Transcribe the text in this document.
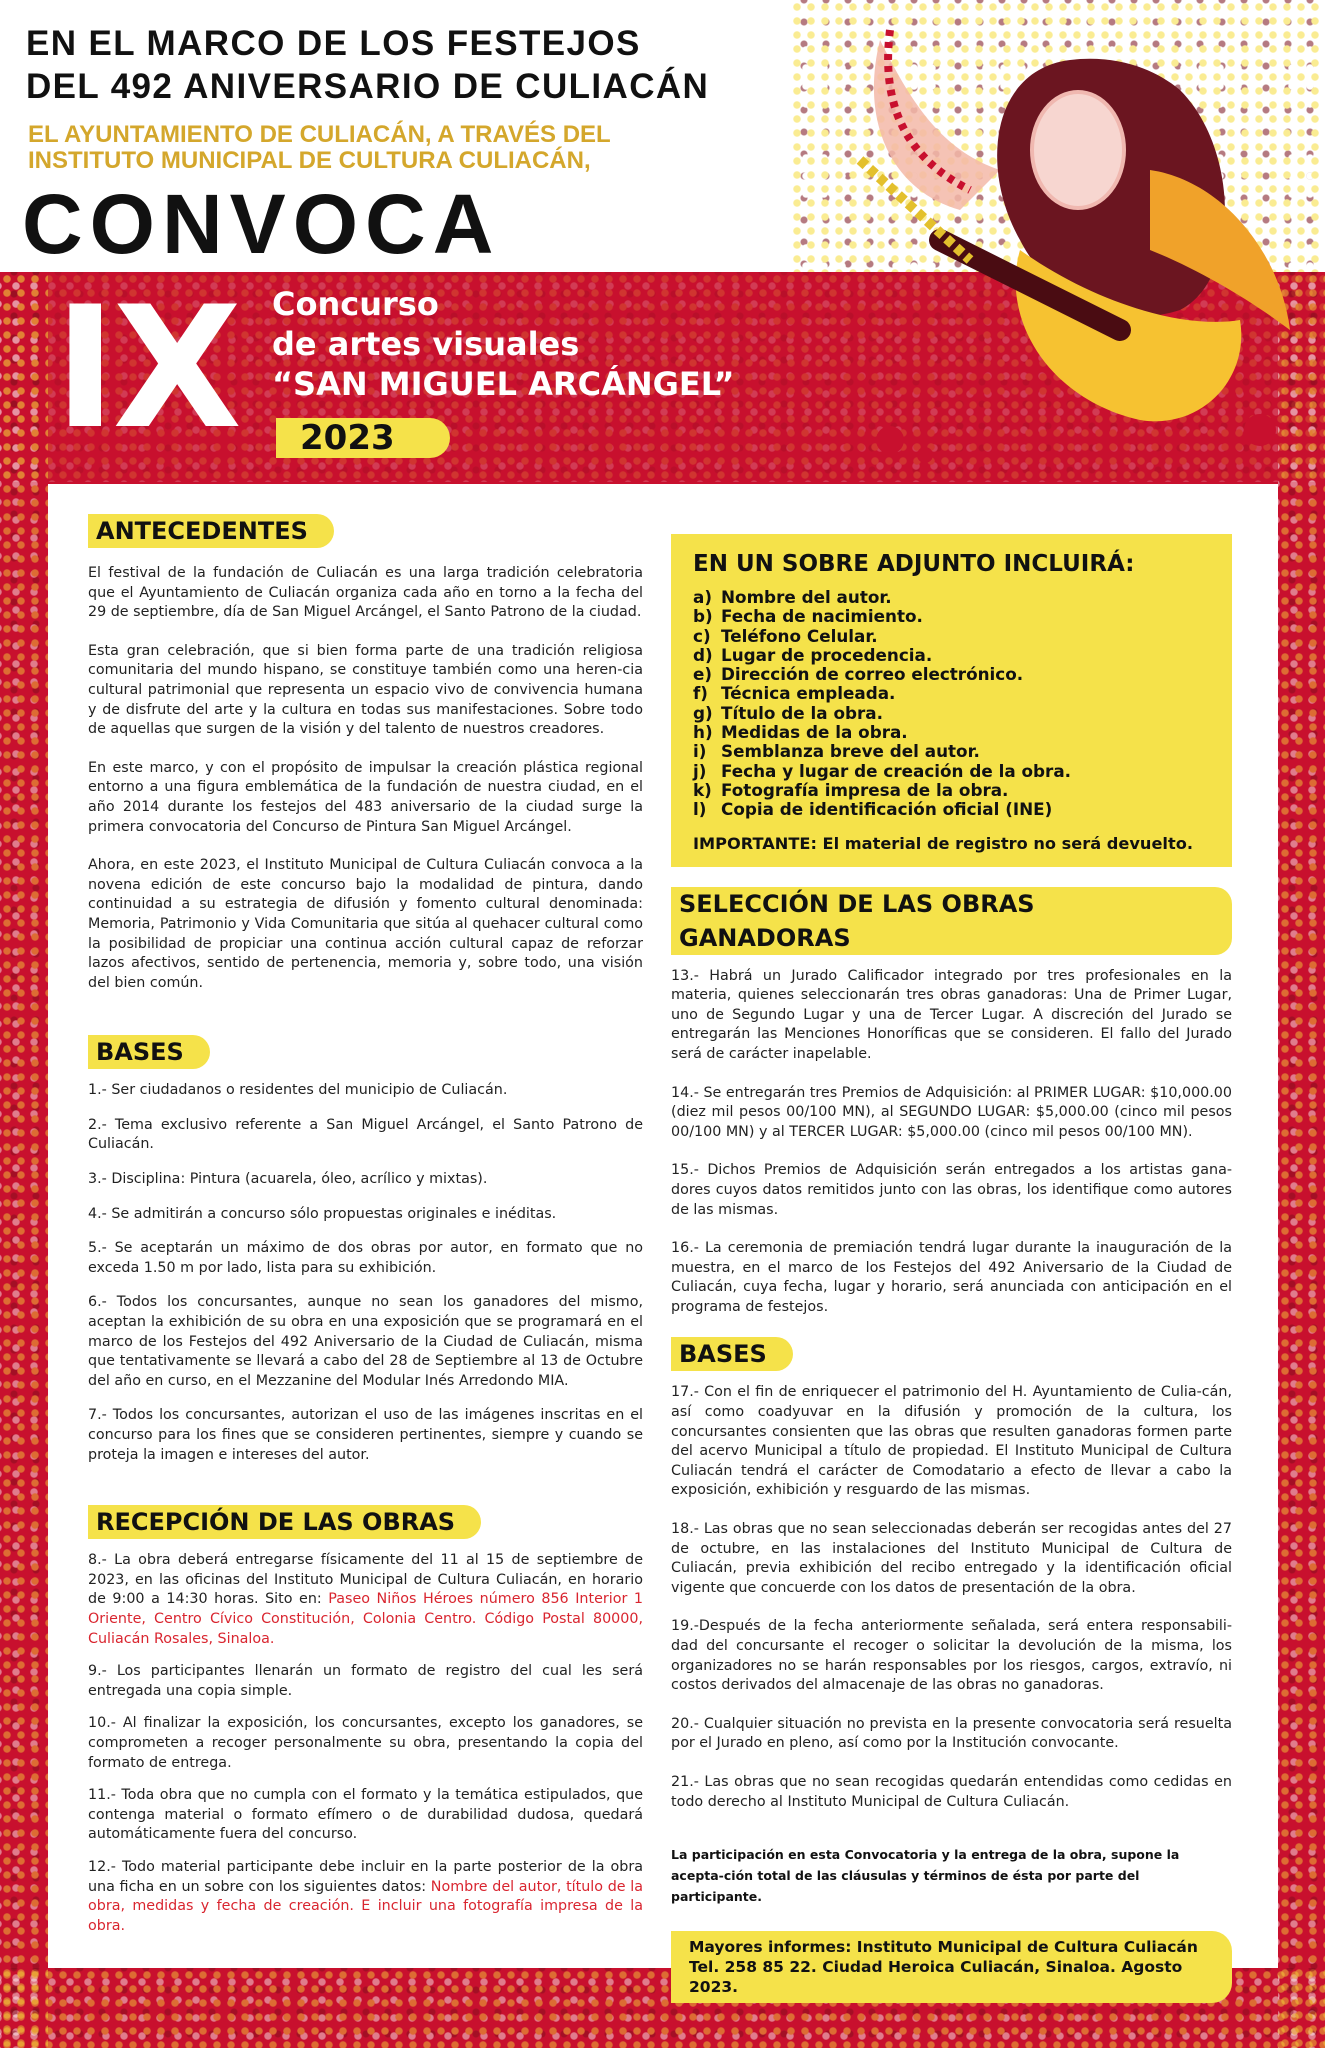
EN EL MARCO DE LOS FESTEJOS
DEL 492 ANIVERSARIO DE CULIACÁN
EL AYUNTAMIENTO DE CULIACÁN, A TRAVÉS DEL
INSTITUTO MUNICIPAL DE CULTURA CULIACÁN,
CONVOCA
IX Concurso
de artes visuales
“SAN MIGUEL ARCÁNGEL”
2023
ANTECEDENTES

El festival de la fundación de Culiacán es una larga tradición celebratoria que el Ayuntamiento de Culiacán organiza cada año en torno a la fecha del 29 de septiembre, día de San Miguel Arcángel, el Santo Patrono de la ciudad.

Esta gran celebración, que si bien forma parte de una tradición religiosa comunitaria del mundo hispano, se constituye también como una heren-cia cultural patrimonial que representa un espacio vivo de convivencia humana y de disfrute del arte y la cultura en todas sus manifestaciones. Sobre todo de aquellas que surgen de la visión y del talento de nuestros creadores.

En este marco, y con el propósito de impulsar la creación plástica regional entorno a una figura emblemática de la fundación de nuestra ciudad, en el año 2014 durante los festejos del 483 aniversario de la ciudad surge la primera convocatoria del Concurso de Pintura San Miguel Arcángel.

Ahora, en este 2023, el Instituto Municipal de Cultura Culiacán convoca a la novena edición de este concurso bajo la modalidad de pintura, dando continuidad a su estrategia de difusión y fomento cultural denominada: Memoria, Patrimonio y Vida Comunitaria que sitúa al quehacer cultural como la posibilidad de propiciar una continua acción cultural capaz de reforzar lazos afectivos, sentido de pertenencia, memoria y, sobre todo, una visión del bien común.

BASES

1.- Ser ciudadanos o residentes del municipio de Culiacán.

2.- Tema exclusivo referente a San Miguel Arcángel, el Santo Patrono de Culiacán.

3.- Disciplina: Pintura (acuarela, óleo, acrílico y mixtas).

4.- Se admitirán a concurso sólo propuestas originales e inéditas.

5.- Se aceptarán un máximo de dos obras por autor, en formato que no exceda 1.50 m por lado, lista para su exhibición.

6.- Todos los concursantes, aunque no sean los ganadores del mismo, aceptan la exhibición de su obra en una exposición que se programará en el marco de los Festejos del 492 Aniversario de la Ciudad de Culiacán, misma que tentativamente se llevará a cabo del 28 de Septiembre al 13 de Octubre del año en curso, en el Mezzanine del Modular Inés Arredondo MIA.

7.- Todos los concursantes, autorizan el uso de las imágenes inscritas en el concurso para los fines que se consideren pertinentes, siempre y cuando se proteja la imagen e intereses del autor.

RECEPCIÓN DE LAS OBRAS

8.- La obra deberá entregarse físicamente del 11 al 15 de septiembre de 2023, en las oficinas del Instituto Municipal de Cultura Culiacán, en horario de 9:00 a 14:30 horas. Sito en: Paseo Niños Héroes número 856 Interior 1 Oriente, Centro Cívico Constitución, Colonia Centro. Código Postal 80000, Culiacán Rosales, Sinaloa.

9.- Los participantes llenarán un formato de registro del cual les será entregada una copia simple.

10.- Al finalizar la exposición, los concursantes, excepto los ganadores, se comprometen a recoger personalmente su obra, presentando la copia del formato de entrega.

11.- Toda obra que no cumpla con el formato y la temática estipulados, que contenga material o formato efímero o de durabilidad dudosa, quedará automáticamente fuera del concurso.

12.- Todo material participante debe incluir en la parte posterior de la obra una ficha en un sobre con los siguientes datos: Nombre del autor, título de la obra, medidas y fecha de creación. E incluir una fotografía impresa de la obra.

EN UN SOBRE ADJUNTO INCLUIRÁ:
a) Nombre del autor.
b) Fecha de nacimiento.
c) Teléfono Celular.
d) Lugar de procedencia.
e) Dirección de correo electrónico.
f) Técnica empleada.
g) Título de la obra.
h) Medidas de la obra.
i) Semblanza breve del autor.
j) Fecha y lugar de creación de la obra.
k) Fotografía impresa de la obra.
l) Copia de identificación oficial (INE)
IMPORTANTE: El material de registro no será devuelto.
SELECCIÓN DE LAS OBRAS GANADORAS

13.- Habrá un Jurado Calificador integrado por tres profesionales en la materia, quienes seleccionarán tres obras ganadoras: Una de Primer Lugar, uno de Segundo Lugar y una de Tercer Lugar. A discreción del Jurado se entregarán las Menciones Honoríficas que se consideren. El fallo del Jurado será de carácter inapelable.

14.- Se entregarán tres Premios de Adquisición: al PRIMER LUGAR: $10,000.00 (diez mil pesos 00/100 MN), al SEGUNDO LUGAR: $5,000.00 (cinco mil pesos 00/100 MN) y al TERCER LUGAR: $5,000.00 (cinco mil pesos 00/100 MN).

15.- Dichos Premios de Adquisición serán entregados a los artistas gana-dores cuyos datos remitidos junto con las obras, los identifique como autores de las mismas.

16.- La ceremonia de premiación tendrá lugar durante la inauguración de la muestra, en el marco de los Festejos del 492 Aniversario de la Ciudad de Culiacán, cuya fecha, lugar y horario, será anunciada con anticipación en el programa de festejos.

BASES

17.- Con el fin de enriquecer el patrimonio del H. Ayuntamiento de Culia-cán, así como coadyuvar en la difusión y promoción de la cultura, los concursantes consienten que las obras que resulten ganadoras formen parte del acervo Municipal a título de propiedad. El Instituto Municipal de Cultura Culiacán tendrá el carácter de Comodatario a efecto de llevar a cabo la exposición, exhibición y resguardo de las mismas.

18.- Las obras que no sean seleccionadas deberán ser recogidas antes del 27 de octubre, en las instalaciones del Instituto Municipal de Cultura de Culiacán, previa exhibición del recibo entregado y la identificación oficial vigente que concuerde con los datos de presentación de la obra.

19.-Después de la fecha anteriormente señalada, será entera responsabili-dad del concursante el recoger o solicitar la devolución de la misma, los organizadores no se harán responsables por los riesgos, cargos, extravío, ni costos derivados del almacenaje de las obras no ganadoras.

20.- Cualquier situación no prevista en la presente convocatoria será resuelta por el Jurado en pleno, así como por la Institución convocante.

21.- Las obras que no sean recogidas quedarán entendidas como cedidas en todo derecho al Instituto Municipal de Cultura Culiacán.

La participación en esta Convocatoria y la entrega de la obra, supone la acepta-ción total de las cláusulas y términos de ésta por parte del participante.

Mayores informes: Instituto Municipal de Cultura Culiacán
Tel. 258 85 22. Ciudad Heroica Culiacán, Sinaloa. Agosto 2023.
